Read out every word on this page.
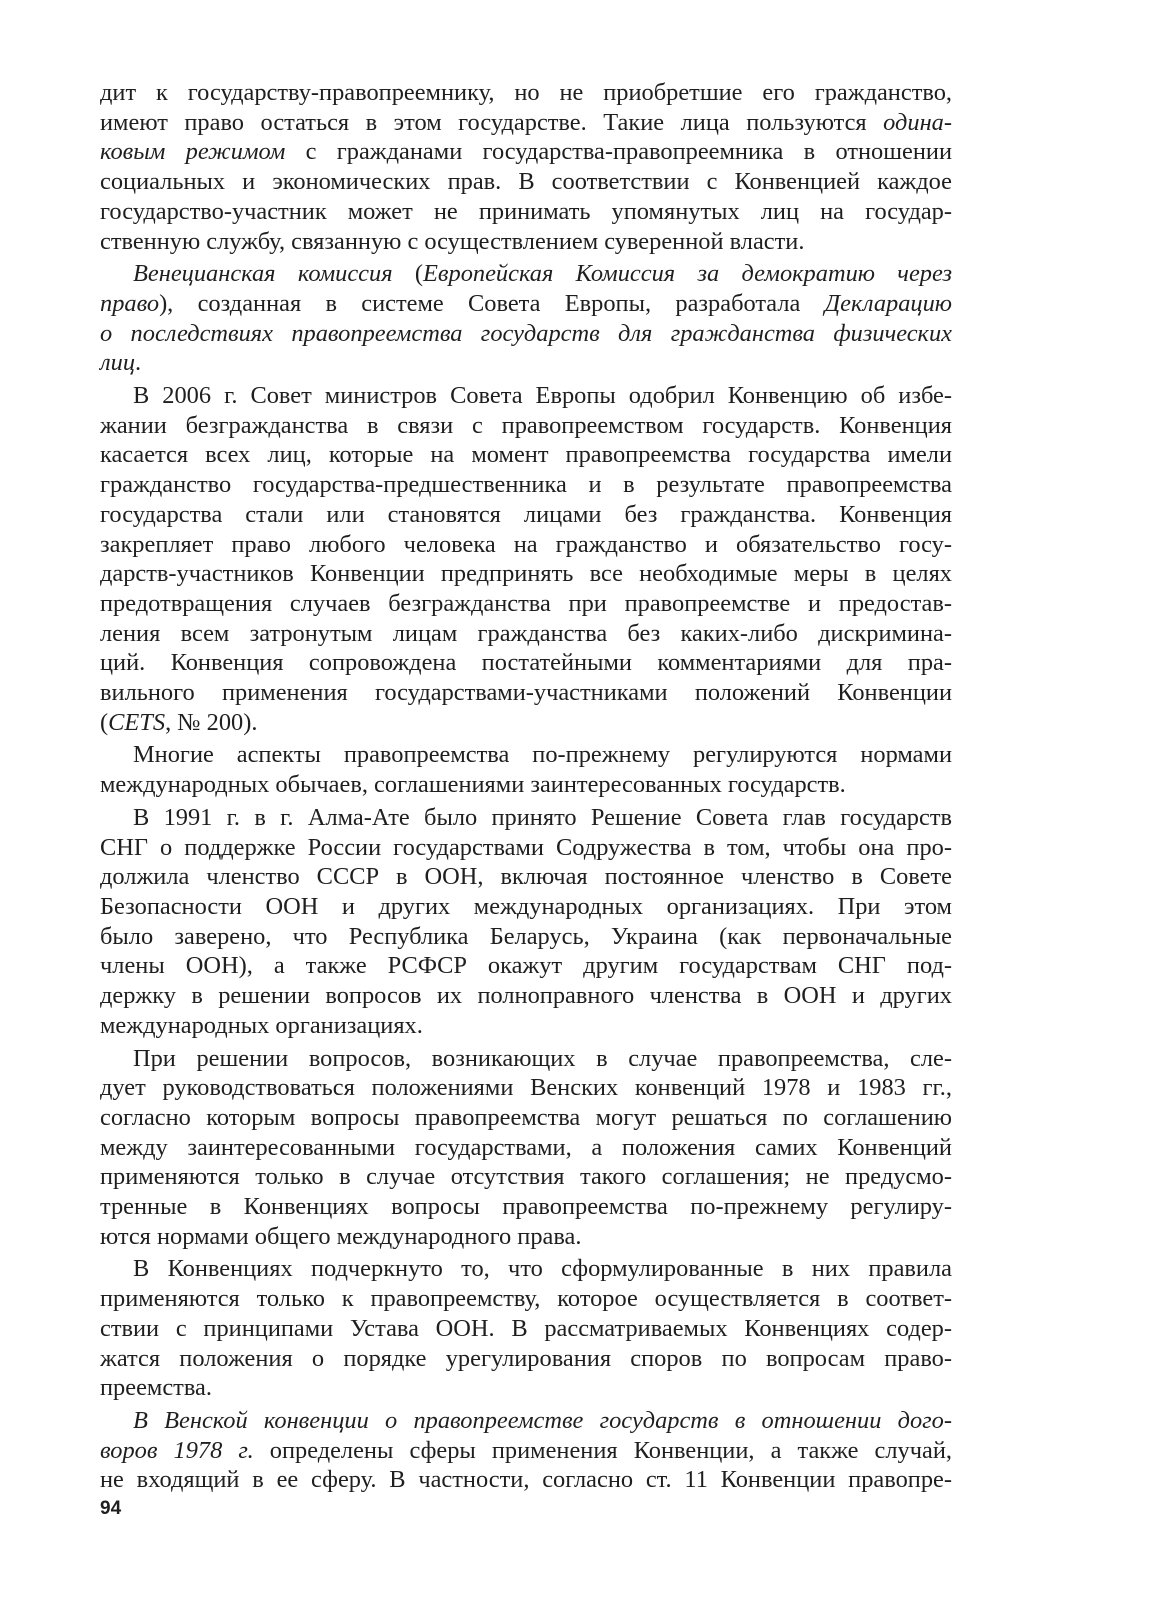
дит к государству-правопреемнику, но не приобретшие его гражданство,
имеют право остаться в этом государстве. Такие лица пользуются одина-
ковым режимом с гражданами государства-правопреемника в отношении
социальных и экономических прав. В соответствии с Конвенцией каждое
государство-участник может не принимать упомянутых лиц на государ-
ственную службу, связанную с осуществлением суверенной власти.
Венецианская комиссия (Европейская Комиссия за демократию через
право), созданная в системе Совета Европы, разработала Декларацию
о последствиях правопреемства государств для гражданства физических
лиц.
В 2006 г. Совет министров Совета Европы одобрил Конвенцию об избе-
жании безгражданства в связи с правопреемством государств. Конвенция
касается всех лиц, которые на момент правопреемства государства имели
гражданство государства-предшественника и в результате правопреемства
государства стали или становятся лицами без гражданства. Конвенция
закрепляет право любого человека на гражданство и обязательство госу-
дарств-участников Конвенции предпринять все необходимые меры в целях
предотвращения случаев безгражданства при правопреемстве и предостав-
ления всем затронутым лицам гражданства без каких-либо дискримина-
ций. Конвенция сопровождена постатейными комментариями для пра-
вильного применения государствами-участниками положений Конвенции
(CETS, № 200).
Многие аспекты правопреемства по-прежнему регулируются нормами
международных обычаев, соглашениями заинтересованных государств.
В 1991 г. в г. Алма-Ате было принято Решение Совета глав государств
СНГ о поддержке России государствами Содружества в том, чтобы она про-
должила членство СССР в ООН, включая постоянное членство в Совете
Безопасности ООН и других международных организациях. При этом
было заверено, что Республика Беларусь, Украина (как первоначальные
члены ООН), а также РСФСР окажут другим государствам СНГ под-
держку в решении вопросов их полноправного членства в ООН и других
международных организациях.
При решении вопросов, возникающих в случае правопреемства, сле-
дует руководствоваться положениями Венских конвенций 1978 и 1983 гг.,
согласно которым вопросы правопреемства могут решаться по соглашению
между заинтересованными государствами, а положения самих Конвенций
применяются только в случае отсутствия такого соглашения; не предусмо-
тренные в Конвенциях вопросы правопреемства по-прежнему регулиру-
ются нормами общего международного права.
В Конвенциях подчеркнуто то, что сформулированные в них правила
применяются только к правопреемству, которое осуществляется в соответ-
ствии с принципами Устава ООН. В рассматриваемых Конвенциях содер-
жатся положения о порядке урегулирования споров по вопросам право-
преемства.
В Венской конвенции о правопреемстве государств в отношении дого-
воров 1978 г. определены сферы применения Конвенции, а также случай,
не входящий в ее сферу. В частности, согласно ст. 11 Конвенции правопре-
94
